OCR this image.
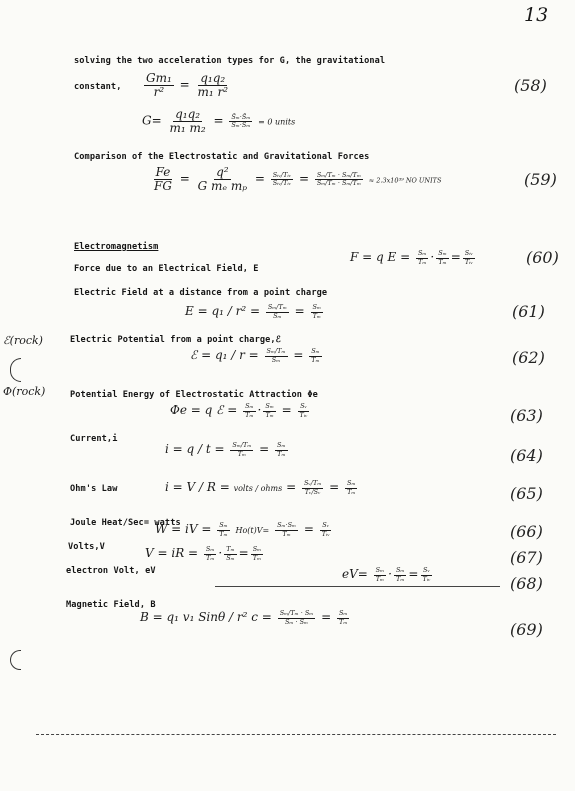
13
ℰ(rock)
Φ(rock)
solving the two acceleration types for G, the gravitational
constant, $\frac{\text{Gm₁}}{\text{r²}} = \frac{\text{q₁q₂}}{\text{m₁ r²}}$	(58)
$G= \frac{\text{q₁q₂}}{\text{m₁ m₂}} = \frac{\text{S̄ₘ·S̄ₘ}}{\text{Sₘ·Sₘ}} = 0$ units
Comparison of the Electrostatic and Gravitational Forces
$\frac{Fe}{FG} = \frac{\text{q²}}{\text{G mₑ mₚ}} = \frac{\text{Sᵢᵥ/Tᵢᵥ}}{\text{Sᵢᵥ/Tᵢᵥ}} = \frac{\text{Sₘ/Tₘ · Sₘ/Tₘ}}{\text{Sₘ/Tₘ · Sₘ/Tₘ}} \approx 2.3x10^{39}$ NO UNITS	(59)
Electromagnetism
Force due to an Electrical Field, E
F = q $E = \frac{\text{Sₘ}}{\text{Tₘ}} \cdot \frac{\text{Sₘ}}{\text{Tₘ}} = \frac{\text{Sᵢᵥ}}{\text{Tᵢᵥ}}$	(60)
Electric Field at a distance from a point charge
$E = q_1 / r^2 = \frac{\text{Sₘ/Tₘ}}{\text{Sₘ}} = \frac{\text{Sₘ}}{\text{Tₘ}}$	(61)
Electric Potential from a point charge,ℰ
ℰ = $q_1 / r = \frac{\text{Sₘ/Tₘ}}{\text{Sₘ}} = \frac{\text{Sₘ}}{\text{Tₘ}}$	(62)
Potential Energy of Electrostatic Attraction Φe
Φe = q ℰ = $\frac{\text{Sₘ}}{\text{Tₘ}} \cdot \frac{\text{Sₘ}}{\text{Tₘ}} = \frac{\text{Sᵥ}}{\text{Tᵢᵥ}}$	(63)
Current,i
$i = q / t = \frac{\text{Sₘ/Tₘ}}{\text{Tₘ}} = \frac{\text{Sₘ}}{\text{Tₘ}}$	(64)
Ohm's Law	i = V / R = volts / ohms = $\frac{\text{Sᵥ/Tₘ}}{\text{Tᵥ/Sᵥ}} = \frac{\text{Sₘ}}{\text{Tₘ}}$	(65)
Joule Heat/Sec= watts
W = iV = $\frac{\text{Sₘ}}{\text{Tₘ}} Ho(t)V= \frac{\text{Sₘ·Sₘ}}{\text{Tₘ}} = \frac{\text{Sᵥ}}{\text{Tᵢᵥ}}$	(66)
Volts,V	V = iR = $\frac{\text{Sₘ}}{\text{Tₘ}} \cdot \frac{\text{Tₘ}}{\text{Sₘ}} = \frac{\text{Sₘ}}{\text{Tₘ}}$	(67)
electron Volt, eV	$eV= \frac{\text{Sₘ}}{\text{Tₘ}} \cdot \frac{\text{Sₘ}}{\text{Tₘ}} = \frac{\text{Sᵥ}}{\text{Tᵢᵥ}}$	(68)
Magnetic Field, B
B = q₁ v₁ Sinθ / r² $c = \frac{\text{Sₘ/Tₘ · Sₘ}}{\text{Sₘ · Sₘ}} = \frac{\text{Sₘ}}{\text{Tₘ}}$
(69)
